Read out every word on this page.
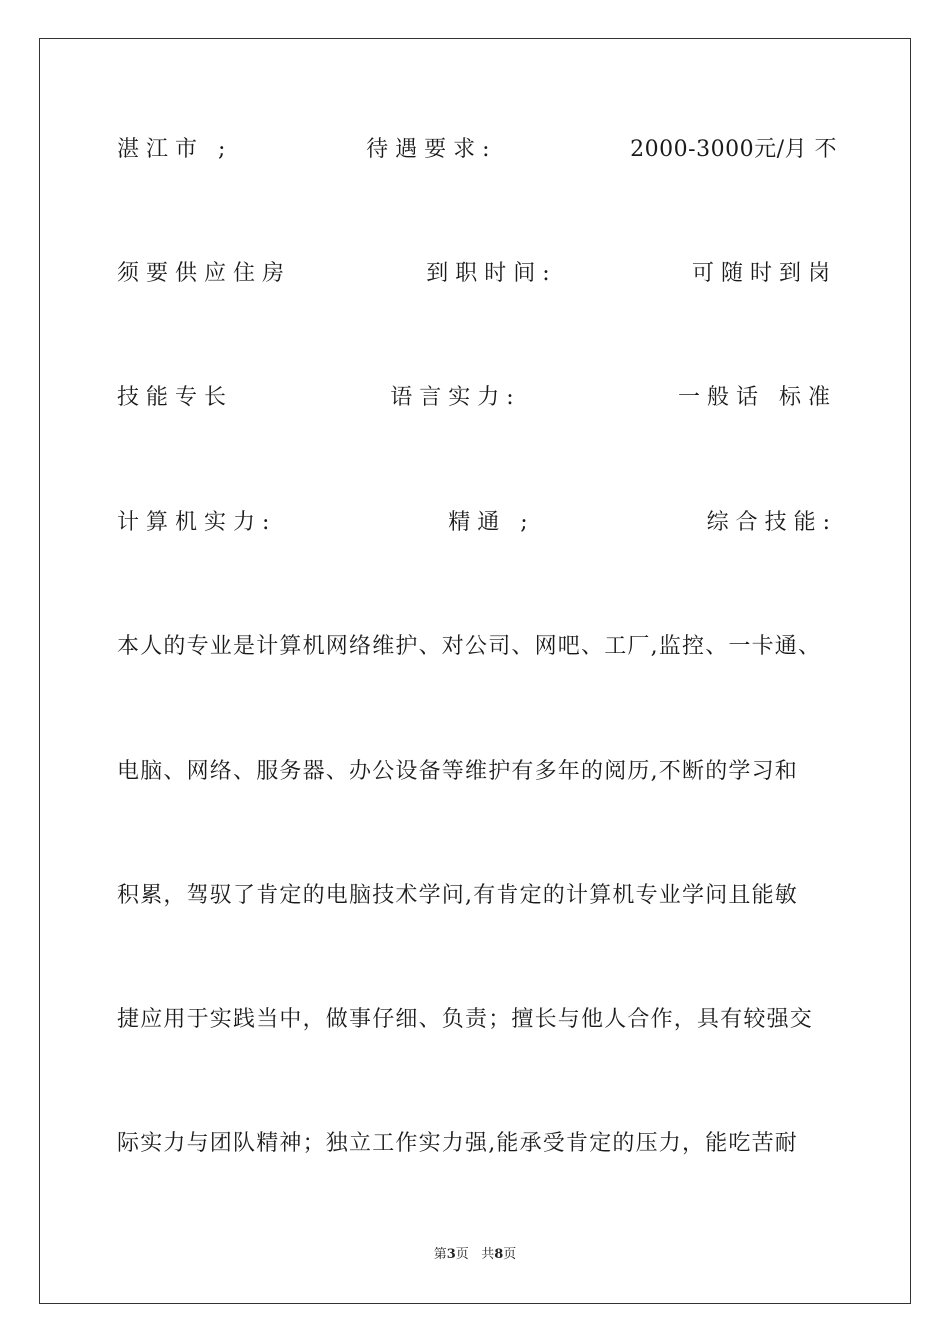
湛江市 ;	待遇要求:	2000-3000元/月 不
须要供应住房	到职时间:	可随时到岗
技能专长	语言实力:	一般话 标准
计算机实力:	精通 ;	综合技能:
本人的专业是计算机网络维护、对公司、网吧、工厂,监控、一卡通、
电脑、网络、服务器、办公设备等维护有多年的阅历,不断的学习和
积累，驾驭了肯定的电脑技术学问,有肯定的计算机专业学问且能敏
捷应用于实践当中，做事仔细、负责；擅长与他人合作，具有较强交
际实力与团队精神；独立工作实力强,能承受肯定的压力，能吃苦耐
第3页 共8页
